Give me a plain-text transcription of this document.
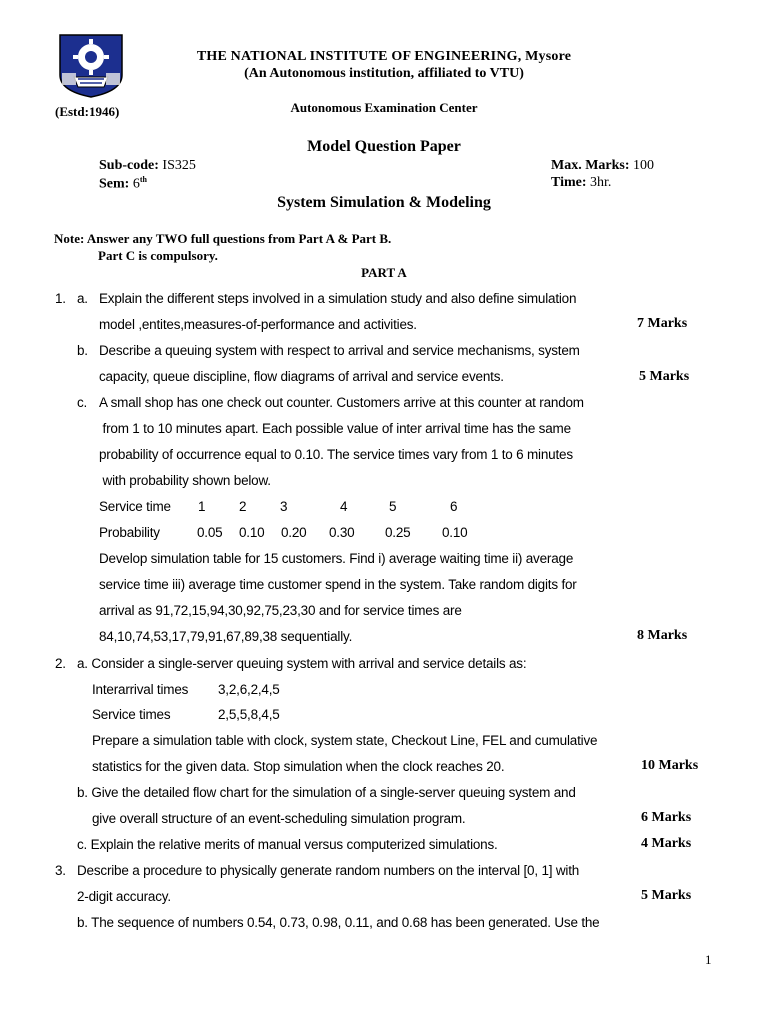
THE NATIONAL INSTITUTE OF ENGINEERING, Mysore
(An Autonomous institution, affiliated to VTU)
(Estd:1946)	Autonomous Examination Center
Model Question Paper
Sub-code: IS325
Sem: 6th
Max. Marks: 100
Time: 3hr.
System Simulation & Modeling
Note: Answer any TWO full questions from Part A & Part B.
Part C is compulsory.
PART A
1. a. Explain the different steps involved in a simulation study and also define simulation
model ,entites,measures-of-performance and activities.	7 Marks
b. Describe a queuing system with respect to arrival and service mechanisms, system
capacity, queue discipline, flow diagrams of arrival and service events.	5 Marks
c. A small shop has one check out counter. Customers arrive at this counter at random
from 1 to 10 minutes apart. Each possible value of inter arrival time has the same
probability of occurrence equal to 0.10. The service times vary from 1 to 6 minutes
with probability shown below.
Service time 1 2 3	4	5	6
Probability	0.05 0.10 0.20 0.30 0.25 0.10
Develop simulation table for 15 customers. Find i) average waiting time ii) average
service time iii) average time customer spend in the system. Take random digits for
arrival as 91,72,15,94,30,92,75,23,30 and for service times are
84,10,74,53,17,79,91,67,89,38 sequentially.	8 Marks
2. a. Consider a single-server queuing system with arrival and service details as:
Interarrival times 3,2,6,2,4,5
Service times	2,5,5,8,4,5
Prepare a simulation table with clock, system state, Checkout Line, FEL and cumulative
statistics for the given data. Stop simulation when the clock reaches 20.	10 Marks
b. Give the detailed flow chart for the simulation of a single-server queuing system and
give overall structure of an event-scheduling simulation program.	6 Marks
c. Explain the relative merits of manual versus computerized simulations.	4 Marks
3. Describe a procedure to physically generate random numbers on the interval [0, 1] with
2-digit accuracy.	5 Marks
b. The sequence of numbers 0.54, 0.73, 0.98, 0.11, and 0.68 has been generated. Use the
1
